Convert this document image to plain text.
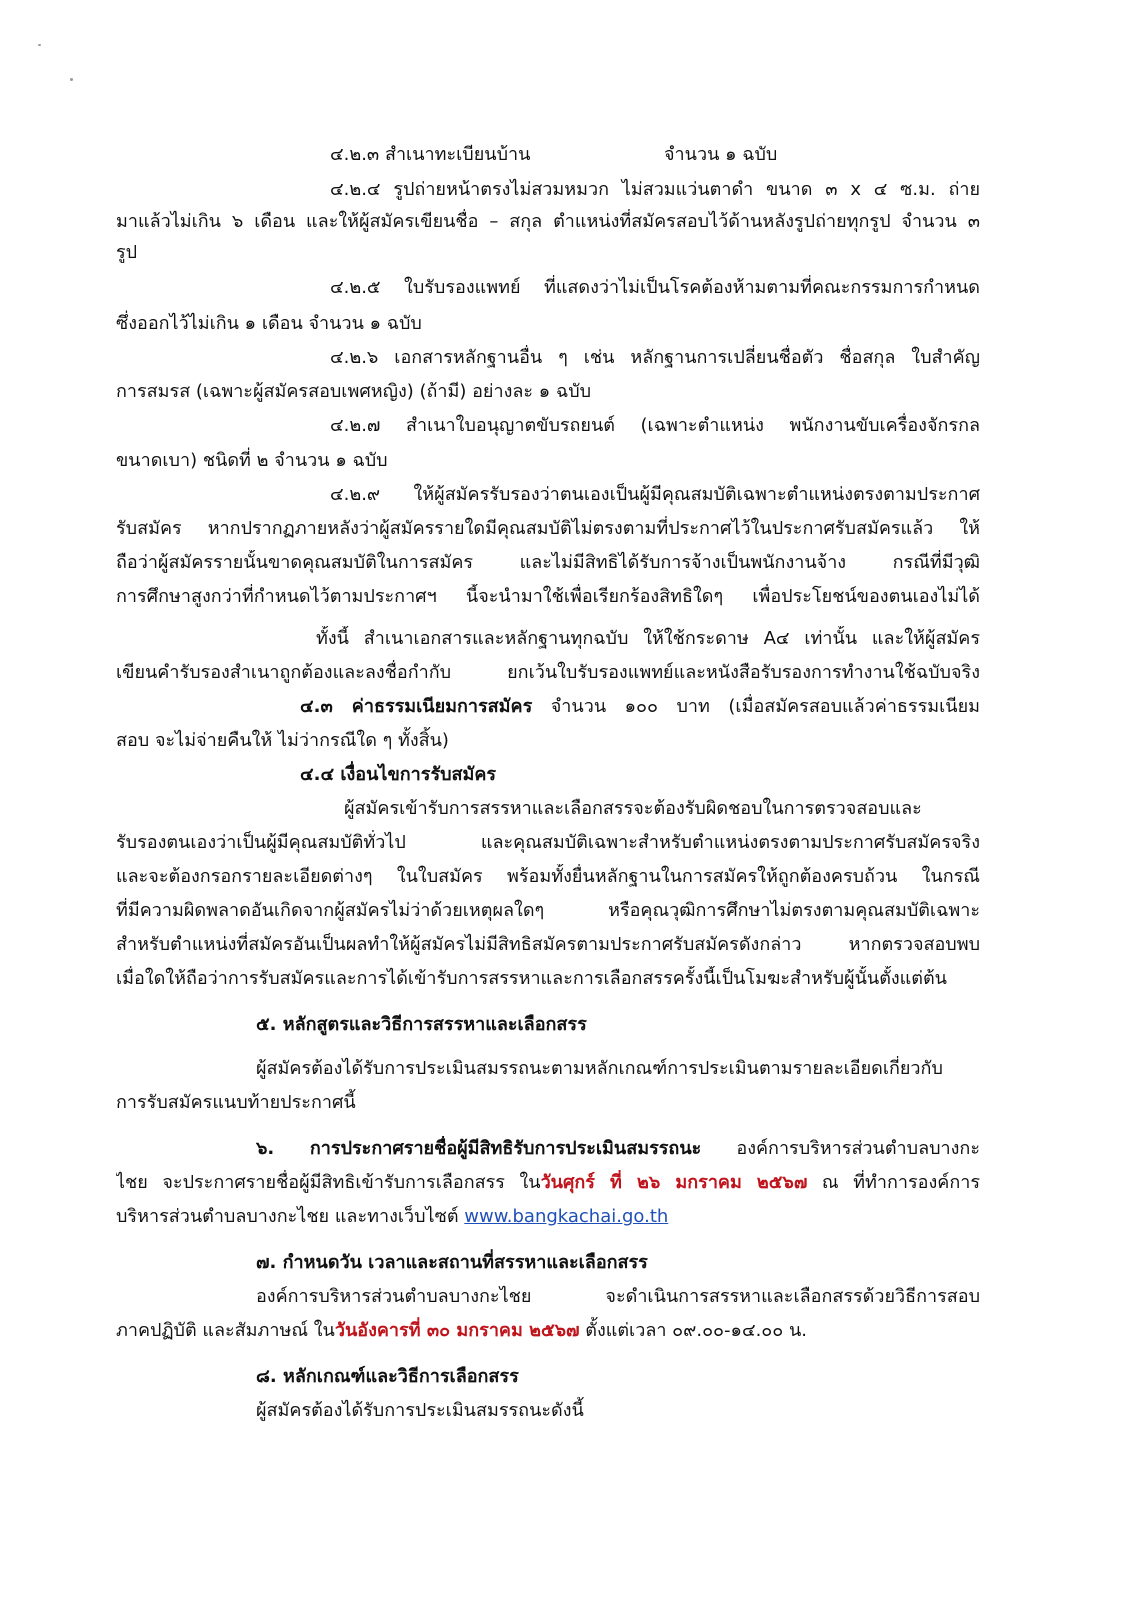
๔.๒.๓ สำเนาทะเบียนบ้าน	จำนวน ๑ ฉบับ

๔.๒.๔ รูปถ่ายหน้าตรงไม่สวมหมวก ไม่สวมแว่นตาดำ ขนาด ๓ x ๔ ซ.ม. ถ่าย

มาแล้วไม่เกิน ๖ เดือน และให้ผู้สมัครเขียนชื่อ – สกุล ตำแหน่งที่สมัครสอบไว้ด้านหลังรูปถ่ายทุกรูป จำนวน ๓

รูป

๔.๒.๕ ใบรับรองแพทย์ ที่แสดงว่าไม่เป็นโรคต้องห้ามตามที่คณะกรรมการกำหนด

ซึ่งออกไว้ไม่เกิน ๑ เดือน จำนวน ๑ ฉบับ

๔.๒.๖ เอกสารหลักฐานอื่น ๆ เช่น หลักฐานการเปลี่ยนชื่อตัว ชื่อสกุล ใบสำคัญ

การสมรส (เฉพาะผู้สมัครสอบเพศหญิง) (ถ้ามี) อย่างละ ๑ ฉบับ

๔.๒.๗ สำเนาใบอนุญาตขับรถยนต์ (เฉพาะตำแหน่ง พนักงานขับเครื่องจักรกล

ขนาดเบา) ชนิดที่ ๒ จำนวน ๑ ฉบับ

๔.๒.๙ ให้ผู้สมัครรับรองว่าตนเองเป็นผู้มีคุณสมบัติเฉพาะตำแหน่งตรงตามประกาศ

รับสมัคร หากปรากฏภายหลังว่าผู้สมัครรายใดมีคุณสมบัติไม่ตรงตามที่ประกาศไว้ในประกาศรับสมัครแล้ว ให้

ถือว่าผู้สมัครรายนั้นขาดคุณสมบัติในการสมัคร และไม่มีสิทธิได้รับการจ้างเป็นพนักงานจ้าง กรณีที่มีวุฒิ

การศึกษาสูงกว่าที่กำหนดไว้ตามประกาศฯ นี้จะนำมาใช้เพื่อเรียกร้องสิทธิใดๆ เพื่อประโยชน์ของตนเองไม่ได้

ทั้งนี้ สำเนาเอกสารและหลักฐานทุกฉบับ ให้ใช้กระดาษ A๔ เท่านั้น และให้ผู้สมัคร

เขียนคำรับรองสำเนาถูกต้องและลงชื่อกำกับ ยกเว้นใบรับรองแพทย์และหนังสือรับรองการทำงานใช้ฉบับจริง

๔.๓ ค่าธรรมเนียมการสมัคร จำนวน ๑๐๐ บาท (เมื่อสมัครสอบแล้วค่าธรรมเนียม

สอบ จะไม่จ่ายคืนให้ ไม่ว่ากรณีใด ๆ ทั้งสิ้น)

๔.๔ เงื่อนไขการรับสมัคร

ผู้สมัครเข้ารับการสรรหาและเลือกสรรจะต้องรับผิดชอบในการตรวจสอบและ

รับรองตนเองว่าเป็นผู้มีคุณสมบัติทั่วไป และคุณสมบัติเฉพาะสำหรับตำแหน่งตรงตามประกาศรับสมัครจริง

และจะต้องกรอกรายละเอียดต่างๆ ในใบสมัคร พร้อมทั้งยื่นหลักฐานในการสมัครให้ถูกต้องครบถ้วน ในกรณี

ที่มีความผิดพลาดอันเกิดจากผู้สมัครไม่ว่าด้วยเหตุผลใดๆ หรือคุณวุฒิการศึกษาไม่ตรงตามคุณสมบัติเฉพาะ

สำหรับตำแหน่งที่สมัครอันเป็นผลทำให้ผู้สมัครไม่มีสิทธิสมัครตามประกาศรับสมัครดังกล่าว หากตรวจสอบพบ

เมื่อใดให้ถือว่าการรับสมัครและการได้เข้ารับการสรรหาและการเลือกสรรครั้งนี้เป็นโมฆะสำหรับผู้นั้นตั้งแต่ต้น

๕. หลักสูตรและวิธีการสรรหาและเลือกสรร

ผู้สมัครต้องได้รับการประเมินสมรรถนะตามหลักเกณฑ์การประเมินตามรายละเอียดเกี่ยวกับ

การรับสมัครแนบท้ายประกาศนี้

๖. การประกาศรายชื่อผู้มีสิทธิรับการประเมินสมรรถนะ องค์การบริหารส่วนตำบลบางกะ

ไชย จะประกาศรายชื่อผู้มีสิทธิเข้ารับการเลือกสรร ในวันศุกร์ ที่ ๒๖ มกราคม ๒๕๖๗ ณ ที่ทำการองค์การ

บริหารส่วนตำบลบางกะไชย และทางเว็บไซต์ www.bangkachai.go.th

๗. กำหนดวัน เวลาและสถานที่สรรหาและเลือกสรร

องค์การบริหารส่วนตำบลบางกะไชย จะดำเนินการสรรหาและเลือกสรรด้วยวิธีการสอบ

ภาคปฏิบัติ และสัมภาษณ์ ในวันอังคารที่ ๓๐ มกราคม ๒๕๖๗ ตั้งแต่เวลา ๐๙.๐๐-๑๔.๐๐ น.

๘. หลักเกณฑ์และวิธีการเลือกสรร

ผู้สมัครต้องได้รับการประเมินสมรรถนะดังนี้
